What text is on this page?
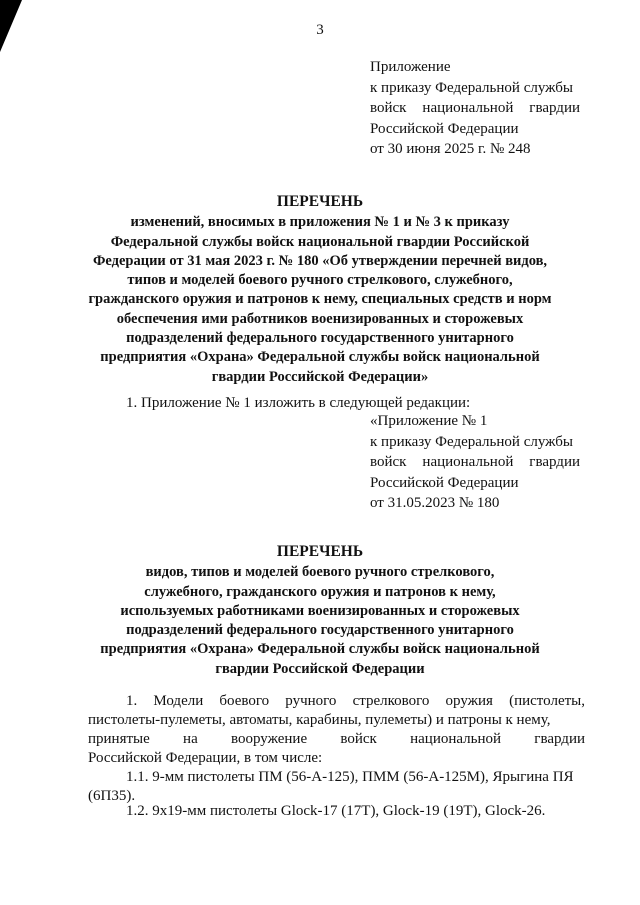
3
Приложение
к приказу Федеральной службы
войск национальной гвардии
Российской Федерации
от 30 июня 2025 г. № 248
ПЕРЕЧЕНЬ
изменений, вносимых в приложения № 1 и № 3 к приказу
Федеральной службы войск национальной гвардии Российской
Федерации от 31 мая 2023 г. № 180 «Об утверждении перечней видов,
типов и моделей боевого ручного стрелкового, служебного,
гражданского оружия и патронов к нему, специальных средств и норм
обеспечения ими работников военизированных и сторожевых
подразделений федерального государственного унитарного
предприятия «Охрана» Федеральной службы войск национальной
гвардии Российской Федерации»
1. Приложение № 1 изложить в следующей редакции:
«Приложение № 1
к приказу Федеральной службы
войск национальной гвардии
Российской Федерации
от 31.05.2023 № 180
ПЕРЕЧЕНЬ
видов, типов и моделей боевого ручного стрелкового,
служебного, гражданского оружия и патронов к нему,
используемых работниками военизированных и сторожевых
подразделений федерального государственного унитарного
предприятия «Охрана» Федеральной службы войск национальной
гвардии Российской Федерации
1. Модели боевого ручного стрелкового оружия (пистолеты,
пистолеты-пулеметы, автоматы, карабины, пулеметы) и патроны к нему,
принятые на вооружение войск национальной гвардии
Российской Федерации, в том числе:
1.1. 9-мм пистолеты ПМ (56-А-125), ПММ (56-А-125М), Ярыгина ПЯ
(6П35).
1.2. 9x19-мм пистолеты Glock-17 (17Т), Glock-19 (19Т), Glock-26.
